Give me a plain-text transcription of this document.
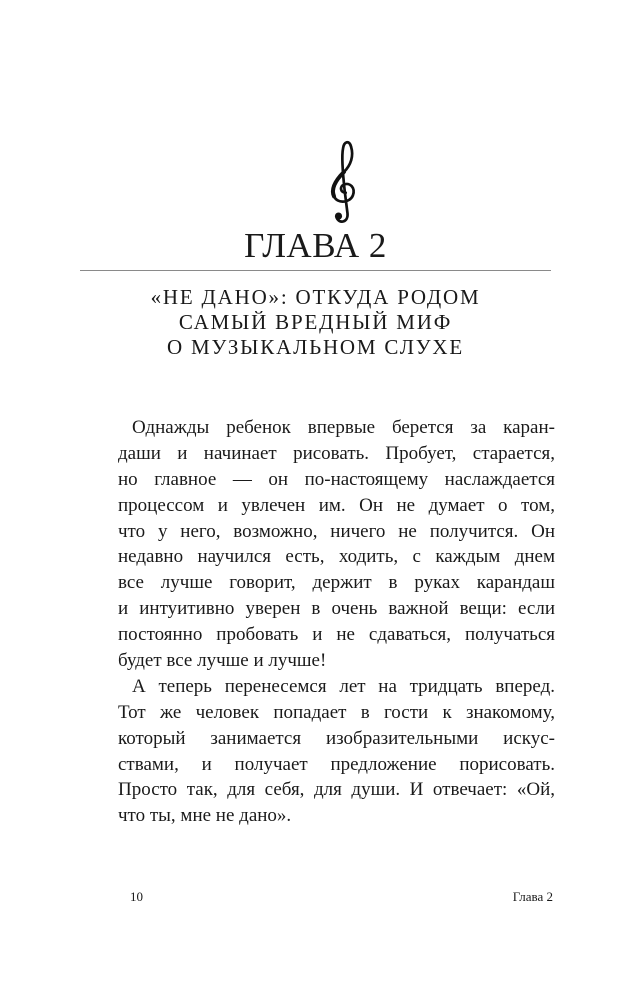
ГЛАВА 2
«НЕ ДАНО»: ОТКУДА РОДОМ
САМЫЙ ВРЕДНЫЙ МИФ
О МУЗЫКАЛЬНОМ СЛУХЕ
Однажды ребенок впервые берется за каран-
даши и начинает рисовать. Пробует, старается,
но главное — он по-настоящему наслаждается
процессом и увлечен им. Он не думает о том,
что у него, возможно, ничего не получится. Он
недавно научился есть, ходить, с каждым днем
все лучше говорит, держит в руках карандаш
и интуитивно уверен в очень важной вещи: если
постоянно пробовать и не сдаваться, получаться
будет все лучше и лучше!
А теперь перенесемся лет на тридцать вперед.
Тот же человек попадает в гости к знакомому,
который занимается изобразительными искус-
ствами, и получает предложение порисовать.
Просто так, для себя, для души. И отвечает: «Ой,
что ты, мне не дано».
10	Глава 2
